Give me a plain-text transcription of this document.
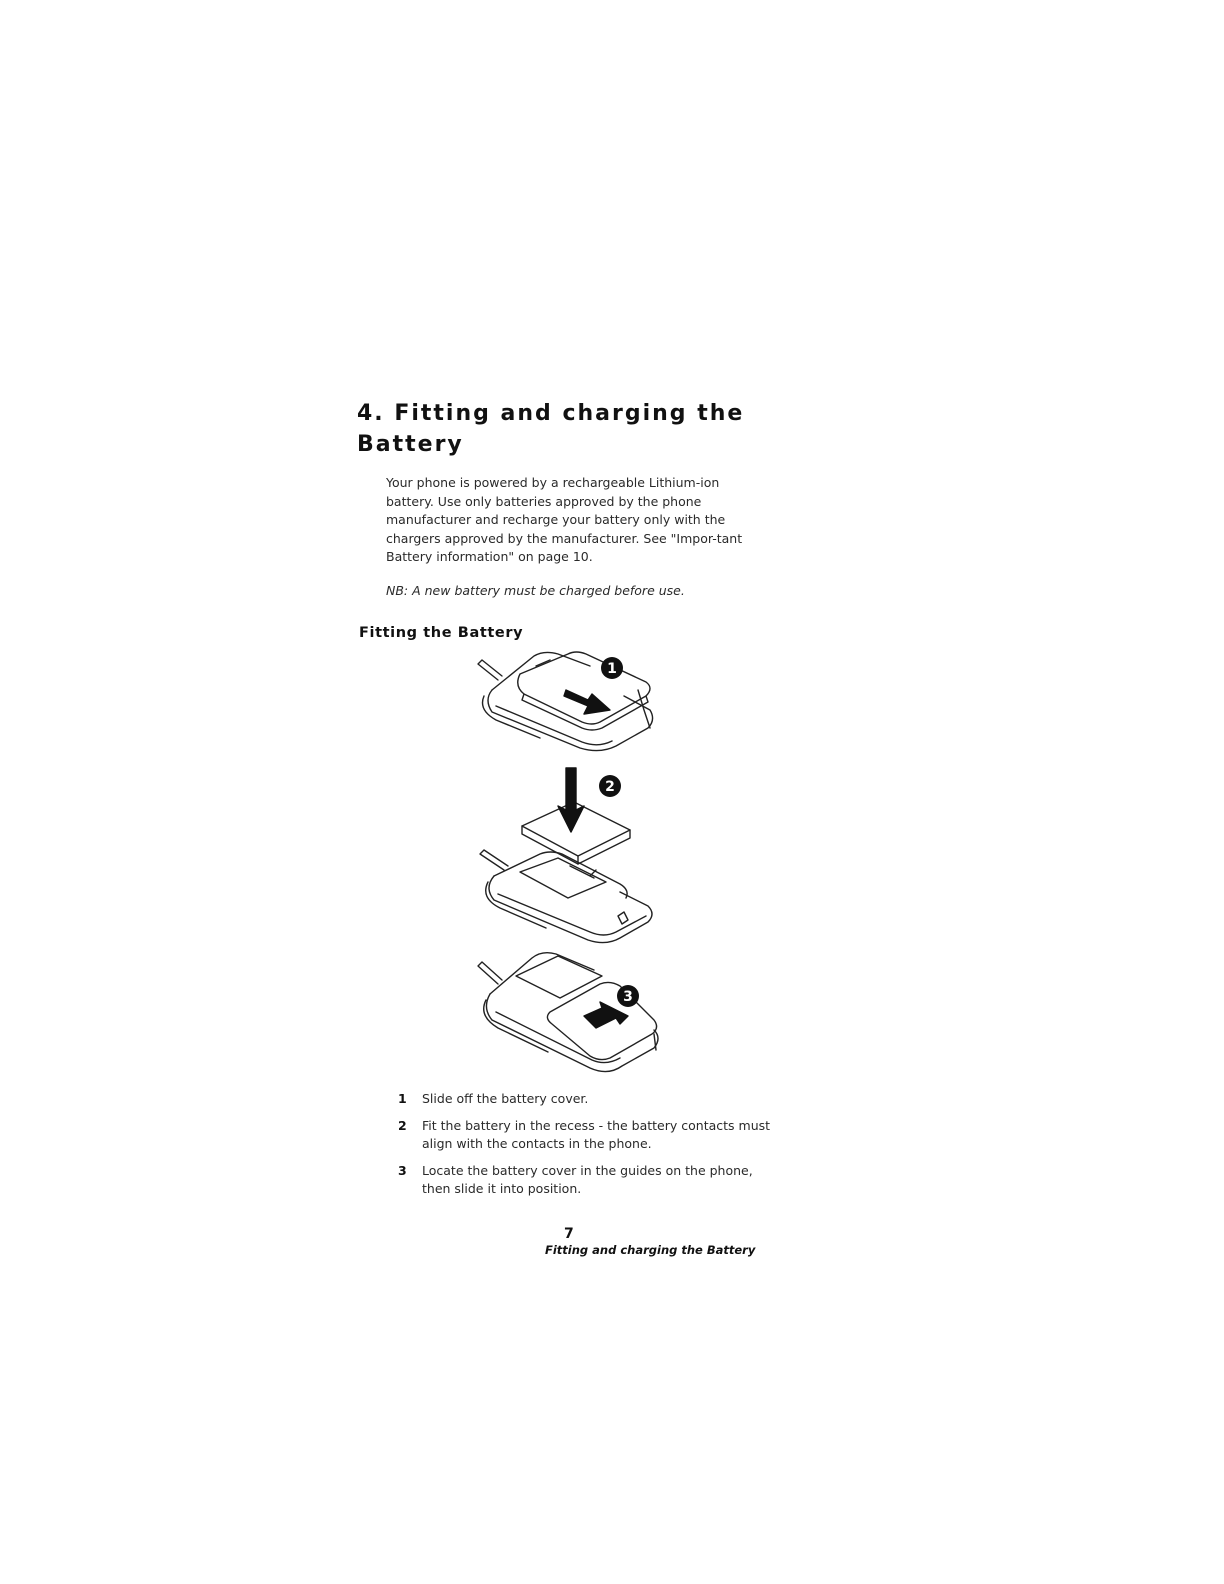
4. Fitting and charging the Battery

Your phone is powered by a rechargeable Lithium-ion battery. Use only batteries approved by the phone manufacturer and recharge your battery only with the chargers approved by the manufacturer. See "Impor-tant Battery information" on page 10.

NB: A new battery must be charged before use.

Fitting the Battery
1
2
3
1	Slide off the battery cover.
2	Fit the battery in the recess - the battery contacts must align with the contacts in the phone.
3	Locate the battery cover in the guides on the phone, then slide it into position.
7
Fitting and charging the Battery
